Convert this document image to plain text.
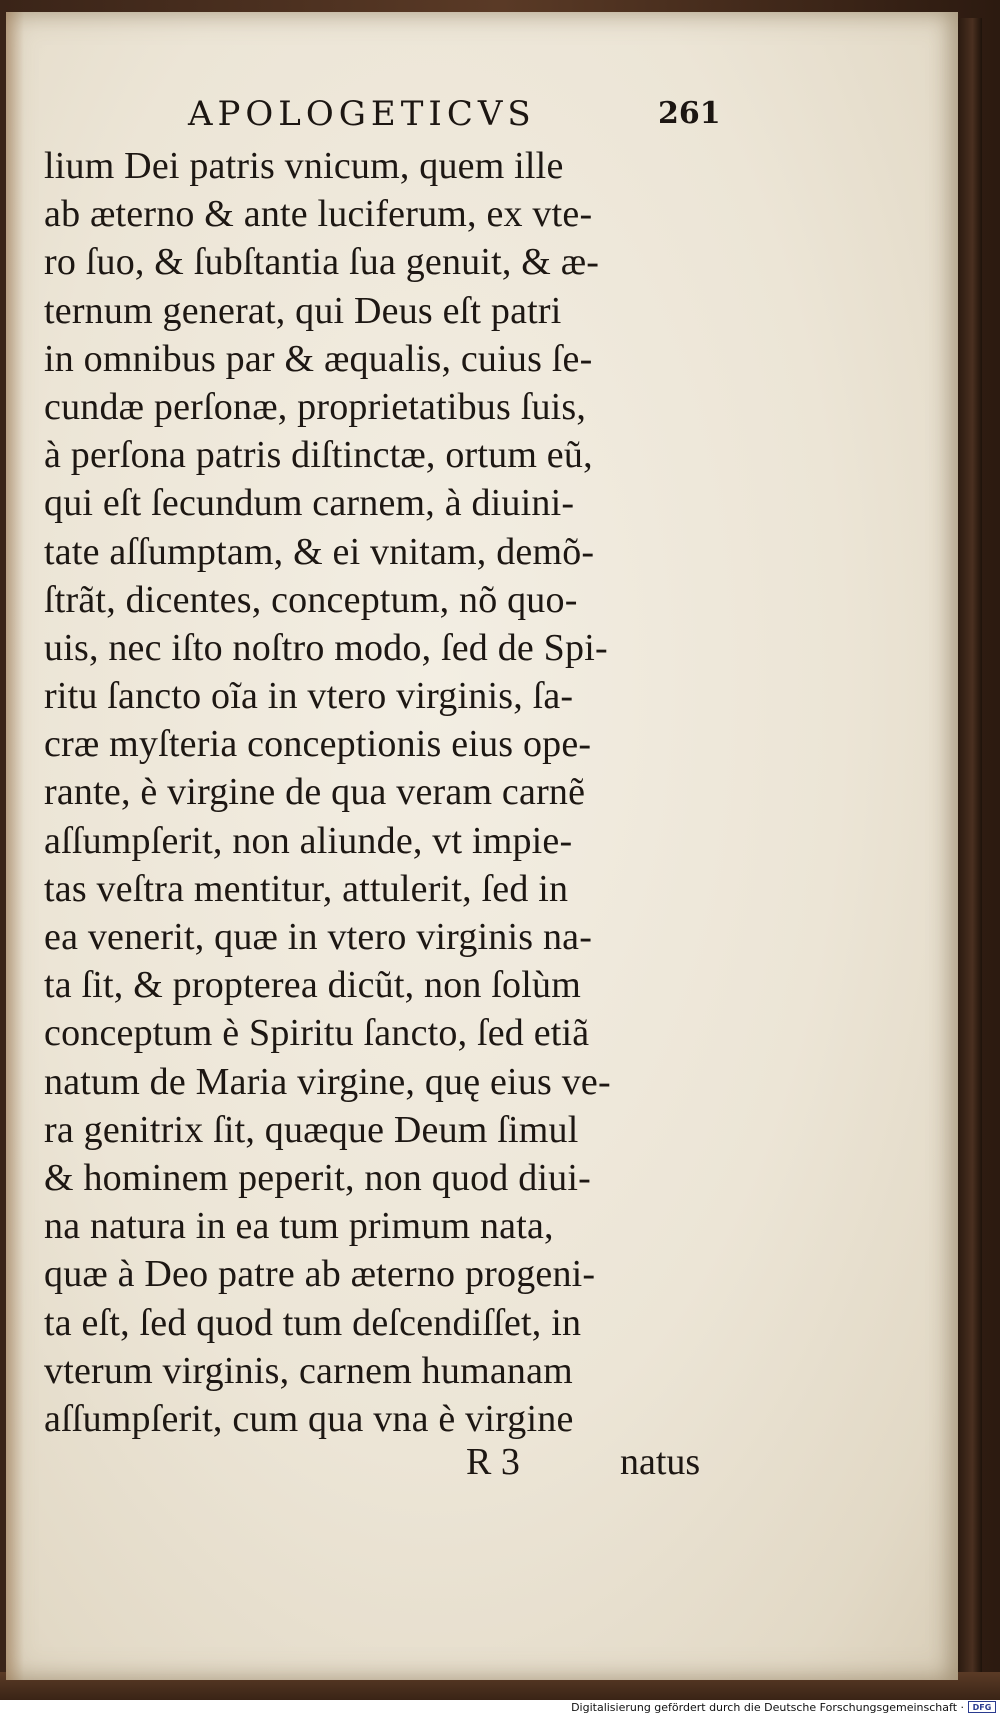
APOLOGETICVS	261
lium Dei patris vnicum, quem ille
ab æterno & ante luciferum, ex vte-
ro ſuo, & ſubſtantia ſua genuit, & æ-
ternum generat, qui Deus eſt patri
in omnibus par & æqualis, cuius ſe-
cundæ perſonæ, proprietatibus ſuis,
à perſona patris diſtinctæ, ortum eũ,
qui eſt ſecundum carnem, à diuini-
tate aſſumptam, & ei vnitam, demõ-
ſtrãt, dicentes, conceptum, nõ quo-
uis, nec iſto noſtro modo, ſed de Spi-
ritu ſancto oĩa in vtero virginis, ſa-
cræ myſteria conceptionis eius ope-
rante, è virgine de qua veram carnẽ
aſſumpſerit, non aliunde, vt impie-
tas veſtra mentitur, attulerit, ſed in
ea venerit, quæ in vtero virginis na-
ta ſit, & propterea dicũt, non ſolùm
conceptum è Spiritu ſancto, ſed etiã
natum de Maria virgine, quę eius ve-
ra genitrix ſit, quæque Deum ſimul
& hominem peperit, non quod diui-
na natura in ea tum primum nata,
quæ à Deo patre ab æterno progeni-
ta eſt, ſed quod tum deſcendiſſet, in
vterum virginis, carnem humanam
aſſumpſerit, cum qua vna è virgine
R 3	natus
Digitalisierung gefördert durch die Deutsche Forschungsgemeinschaft ·	DFG
